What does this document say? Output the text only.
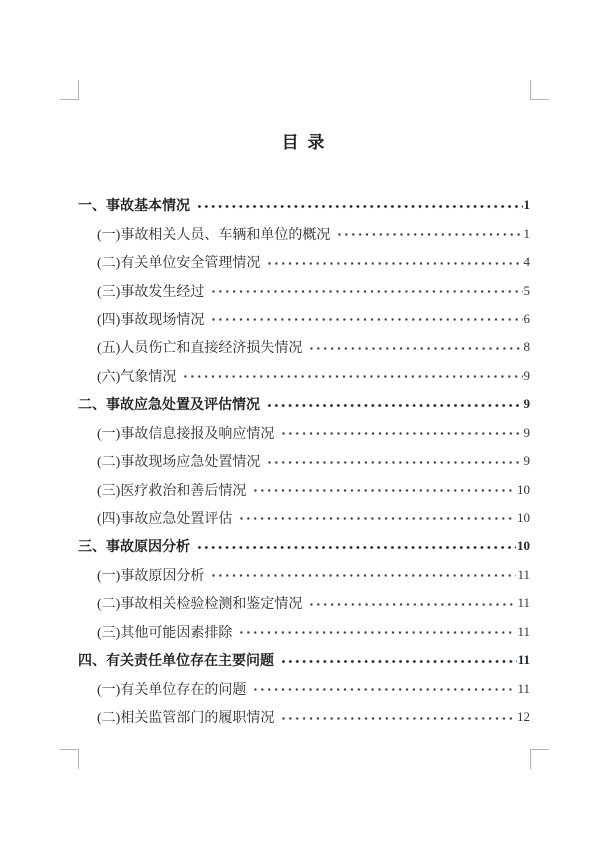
目 录
一、事故基本情况	1
(一)事故相关人员、车辆和单位的概况	1
(二)有关单位安全管理情况	4
(三)事故发生经过	5
(四)事故现场情况	6
(五)人员伤亡和直接经济损失情况	8
(六)气象情况	9
二、事故应急处置及评估情况	9
(一)事故信息接报及响应情况	9
(二)事故现场应急处置情况	9
(三)医疗救治和善后情况	10
(四)事故应急处置评估	10
三、事故原因分析	10
(一)事故原因分析	11
(二)事故相关检验检测和鉴定情况	11
(三)其他可能因素排除	11
四、有关责任单位存在主要问题	11
(一)有关单位存在的问题	11
(二)相关监管部门的履职情况	12
